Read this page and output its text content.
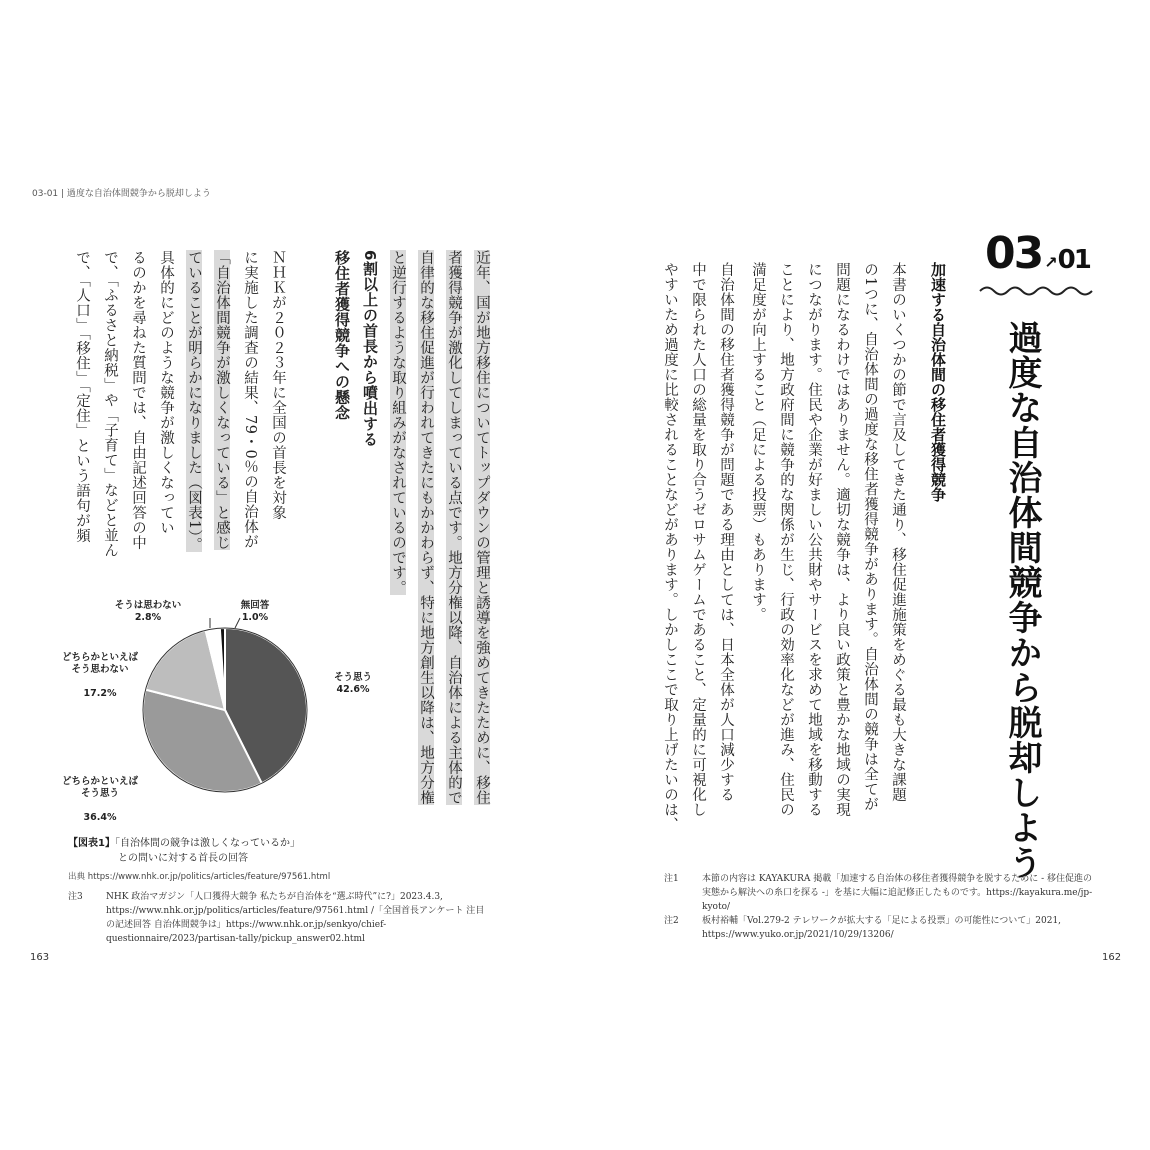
03-01 | 過度な自治体間競争から脱却しよう
6割以上の首長から噴出する
移住者獲得競争への懸念	近年、国が地方移住についてトップダウンの管理と誘導を強めてきたために、移住
者獲得競争が激化してしまっている点です。地方分権以降、自治体による主体的で
自律的な移住促進が行われてきたにもかかわらず、特に地方創生以降は、地方分権
と逆行するような取り組みがなされているのです。
ＮＨＫが２０２３年に全国の首長を対象
に実施した調査の結果、79・0％の自治体が
「自治体間競争が激しくなっている」と感じ
ていることが明らかになりました（図表1）。
具体的にどのような競争が激しくなってい
るのかを尋ねた質問では、自由記述回答の中
で、「ふるさと納税」や「子育て」などと並ん
で、「人口」「移住」「定住」という語句が頻
そうは思わない
2.8%
無回答
1.0%

どちらかといえば
そう思わない

17.2%

そう思う
42.6%

どちらかといえば
そう思う

36.4%

【図表1】「自治体間の競争は激しくなっているか」
との問いに対する首長の回答
出典 https://www.nhk.or.jp/politics/articles/feature/97561.html
注3	NHK 政治マガジン「人口獲得大競争 私たちが自治体を“選ぶ時代”に?」2023.4.3, https://www.nhk.or.jp/politics/articles/feature/97561.html /「全国首長アンケート 注目の記述回答 自治体間競争は」https://www.nhk.or.jp/senkyo/chief-questionnaire/2023/partisan-tally/pickup_answer02.html
163
03 ↗01
過度な自治体間競争から脱却しよう
加速する自治体間の移住者獲得競争
本書のいくつかの節で言及してきた通り、移住促進施策をめぐる最も大きな課題
の1つに、自治体間の過度な移住者獲得競争があります。自治体間の競争は全てが
問題になるわけではありません。適切な競争は、より良い政策と豊かな地域の実現
につながります。住民や企業が好ましい公共財やサービスを求めて地域を移動する
ことにより、地方政府間に競争的な関係が生じ、行政の効率化などが進み、住民の
満足度が向上すること（足による投票）もあります。
自治体間の移住者獲得競争が問題である理由としては、日本全体が人口減少する
中で限られた人口の総量を取り合うゼロサムゲームであること、定量的に可視化し
やすいため過度に比較されることなどがあります。しかしここで取り上げたいのは、
注1	本節の内容は KAYAKURA 掲載「加速する自治体の移住者獲得競争を脱するために - 移住促進の実態から解決への糸口を探る -」を基に大幅に追記修正したものです。https://kayakura.me/jp-kyoto/
注2	板村裕輔「Vol.279-2 テレワークが拡大する「足による投票」の可能性について」2021, https://www.yuko.or.jp/2021/10/29/13206/
162
